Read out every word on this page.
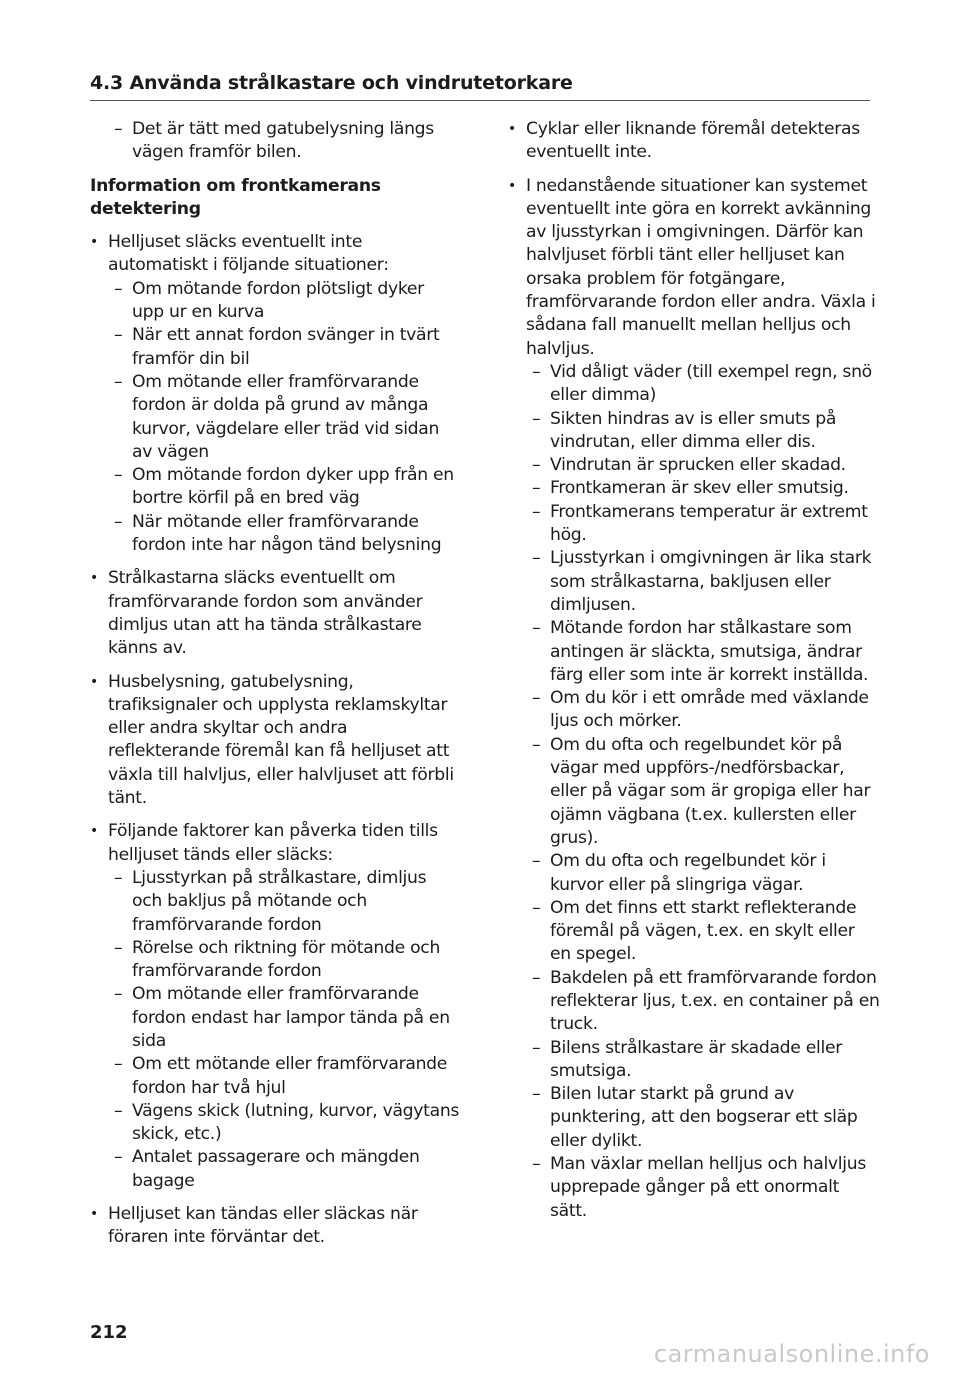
4.3 Använda strålkastare och vindrutetorkare
– Det är tätt med gatubelysning längs vägen framför bilen.
Information om frontkamerans detektering
• Helljuset släcks eventuellt inte automatiskt i följande situationer:
– Om mötande fordon plötsligt dyker upp ur en kurva
– När ett annat fordon svänger in tvärt framför din bil
– Om mötande eller framförvarande fordon är dolda på grund av många kurvor, vägdelare eller träd vid sidan av vägen
– Om mötande fordon dyker upp från en bortre körfil på en bred väg
– När mötande eller framförvarande fordon inte har någon tänd belysning
• Strålkastarna släcks eventuellt om framförvarande fordon som använder dimljus utan att ha tända strålkastare känns av.
• Husbelysning, gatubelysning, trafiksignaler och upplysta reklamskyltar eller andra skyltar och andra reflekterande föremål kan få helljuset att växla till halvljus, eller halvljuset att förbli tänt.
• Följande faktorer kan påverka tiden tills helljuset tänds eller släcks:
– Ljusstyrkan på strålkastare, dimljus och bakljus på mötande och framförvarande fordon
– Rörelse och riktning för mötande och framförvarande fordon
– Om mötande eller framförvarande fordon endast har lampor tända på en sida
– Om ett mötande eller framförvarande fordon har två hjul
– Vägens skick (lutning, kurvor, vägytans skick, etc.)
– Antalet passagerare och mängden bagage
• Helljuset kan tändas eller släckas när föraren inte förväntar det.
• Cyklar eller liknande föremål detekteras eventuellt inte.
• I nedanstående situationer kan systemet eventuellt inte göra en korrekt avkänning av ljusstyrkan i omgivningen. Därför kan halvljuset förbli tänt eller helljuset kan orsaka problem för fotgängare, framförvarande fordon eller andra. Växla i sådana fall manuellt mellan helljus och halvljus.
– Vid dåligt väder (till exempel regn, snö eller dimma)
– Sikten hindras av is eller smuts på vindrutan, eller dimma eller dis.
– Vindrutan är sprucken eller skadad.
– Frontkameran är skev eller smutsig.
– Frontkamerans temperatur är extremt hög.
– Ljusstyrkan i omgivningen är lika stark som strålkastarna, bakljusen eller dimljusen.
– Mötande fordon har stålkastare som antingen är släckta, smutsiga, ändrar färg eller som inte är korrekt inställda.
– Om du kör i ett område med växlande ljus och mörker.
– Om du ofta och regelbundet kör på vägar med uppförs-/nedförsbackar, eller på vägar som är gropiga eller har ojämn vägbana (t.ex. kullersten eller grus).
– Om du ofta och regelbundet kör i kurvor eller på slingriga vägar.
– Om det finns ett starkt reflekterande föremål på vägen, t.ex. en skylt eller en spegel.
– Bakdelen på ett framförvarande fordon reflekterar ljus, t.ex. en container på en truck.
– Bilens strålkastare är skadade eller smutsiga.
– Bilen lutar starkt på grund av punktering, att den bogserar ett släp eller dylikt.
– Man växlar mellan helljus och halvljus upprepade gånger på ett onormalt sätt.
212
carmanualsonline.info
